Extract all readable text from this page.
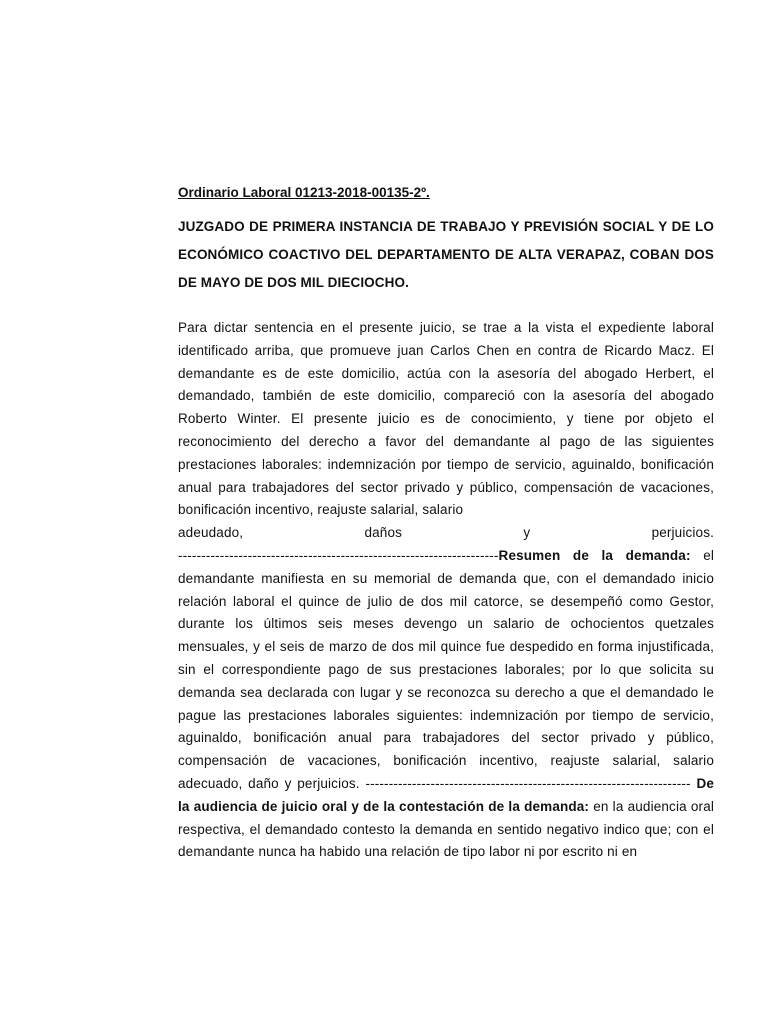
Ordinario Laboral 01213-2018-00135-2º.
JUZGADO DE PRIMERA INSTANCIA DE TRABAJO Y PREVISIÓN SOCIAL Y DE LO ECONÓMICO COACTIVO DEL DEPARTAMENTO DE ALTA VERAPAZ, COBAN DOS DE MAYO DE DOS MIL DIECIOCHO.

Para dictar sentencia en el presente juicio, se trae a la vista el expediente laboral identificado arriba, que promueve juan Carlos Chen en contra de Ricardo Macz. El demandante es de este domicilio, actúa con la asesoría del abogado Herbert, el demandado, también de este domicilio, compareció con la asesoría del abogado Roberto Winter. El presente juicio es de conocimiento, y tiene por objeto el reconocimiento del derecho a favor del demandante al pago de las siguientes prestaciones laborales: indemnización por tiempo de servicio, aguinaldo, bonificación anual para trabajadores del sector privado y público, compensación de vacaciones, bonificación incentivo, reajuste salarial, salario
adeudado, daños y perjuicios.
---------------------------------------------------------------------Resumen de la demanda: el demandante manifiesta en su memorial de demanda que, con el demandado inicio relación laboral el quince de julio de dos mil catorce, se desempeñó como Gestor, durante los últimos seis meses devengo un salario de ochocientos quetzales mensuales, y el seis de marzo de dos mil quince fue despedido en forma injustificada, sin el correspondiente pago de sus prestaciones laborales; por lo que solicita su demanda sea declarada con lugar y se reconozca su derecho a que el demandado le pague las prestaciones laborales siguientes: indemnización por tiempo de servicio, aguinaldo, bonificación anual para trabajadores del sector privado y público, compensación de vacaciones, bonificación incentivo, reajuste salarial, salario adecuado, daño y perjuicios. ---------------------------------------------------------------------- De la audiencia de juicio oral y de la contestación de la demanda: en la audiencia oral respectiva, el demandado contesto la demanda en sentido negativo indico que; con el demandante nunca ha habido una relación de tipo labor ni por escrito ni en
